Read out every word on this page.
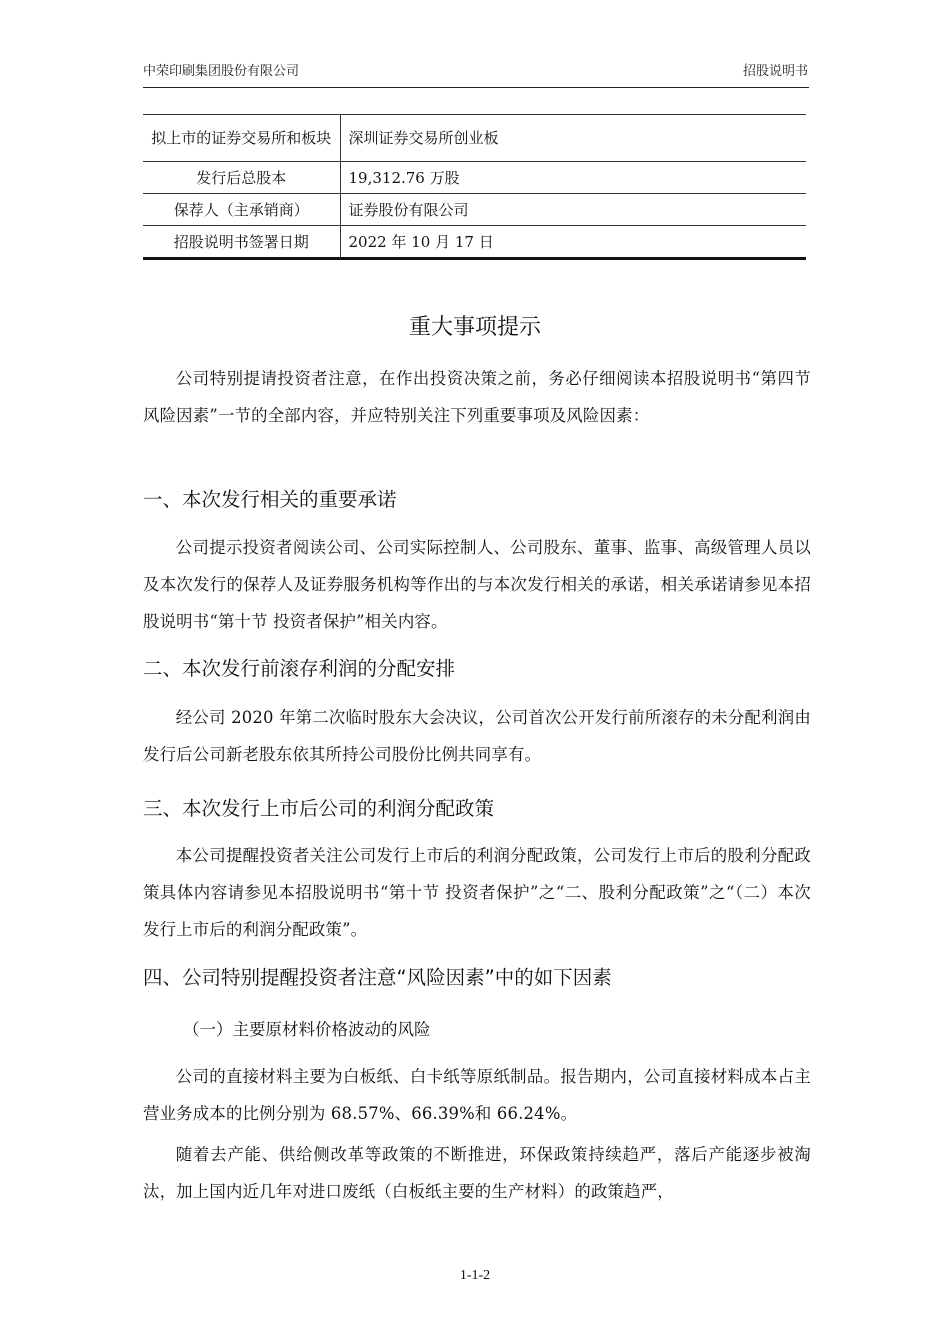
中荣印刷集团股份有限公司	招股说明书
拟上市的证券交易所和板块	深圳证券交易所创业板
发行后总股本	19,312.76 万股
保荐人（主承销商）	证券股份有限公司
招股说明书签署日期	2022 年 10 月 17 日
重大事项提示

公司特别提请投资者注意，在作出投资决策之前，务必仔细阅读本招股说明书“第四节 风险因素”一节的全部内容，并应特别关注下列重要事项及风险因素：

一、本次发行相关的重要承诺

公司提示投资者阅读公司、公司实际控制人、公司股东、董事、监事、高级管理人员以及本次发行的保荐人及证券服务机构等作出的与本次发行相关的承诺，相关承诺请参见本招股说明书“第十节 投资者保护”相关内容。

二、本次发行前滚存利润的分配安排

经公司 2020 年第二次临时股东大会决议，公司首次公开发行前所滚存的未分配利润由发行后公司新老股东依其所持公司股份比例共同享有。

三、本次发行上市后公司的利润分配政策

本公司提醒投资者关注公司发行上市后的利润分配政策，公司发行上市后的股利分配政策具体内容请参见本招股说明书“第十节 投资者保护”之“二、股利分配政策”之“（二）本次发行上市后的利润分配政策”。

四、公司特别提醒投资者注意“风险因素”中的如下因素
（一）主要原材料价格波动的风险

公司的直接材料主要为白板纸、白卡纸等原纸制品。报告期内，公司直接材料成本占主营业务成本的比例分别为 68.57%、66.39%和 66.24%。

随着去产能、供给侧改革等政策的不断推进，环保政策持续趋严，落后产能逐步被淘汰，加上国内近几年对进口废纸（白板纸主要的生产材料）的政策趋严，

1-1-2
